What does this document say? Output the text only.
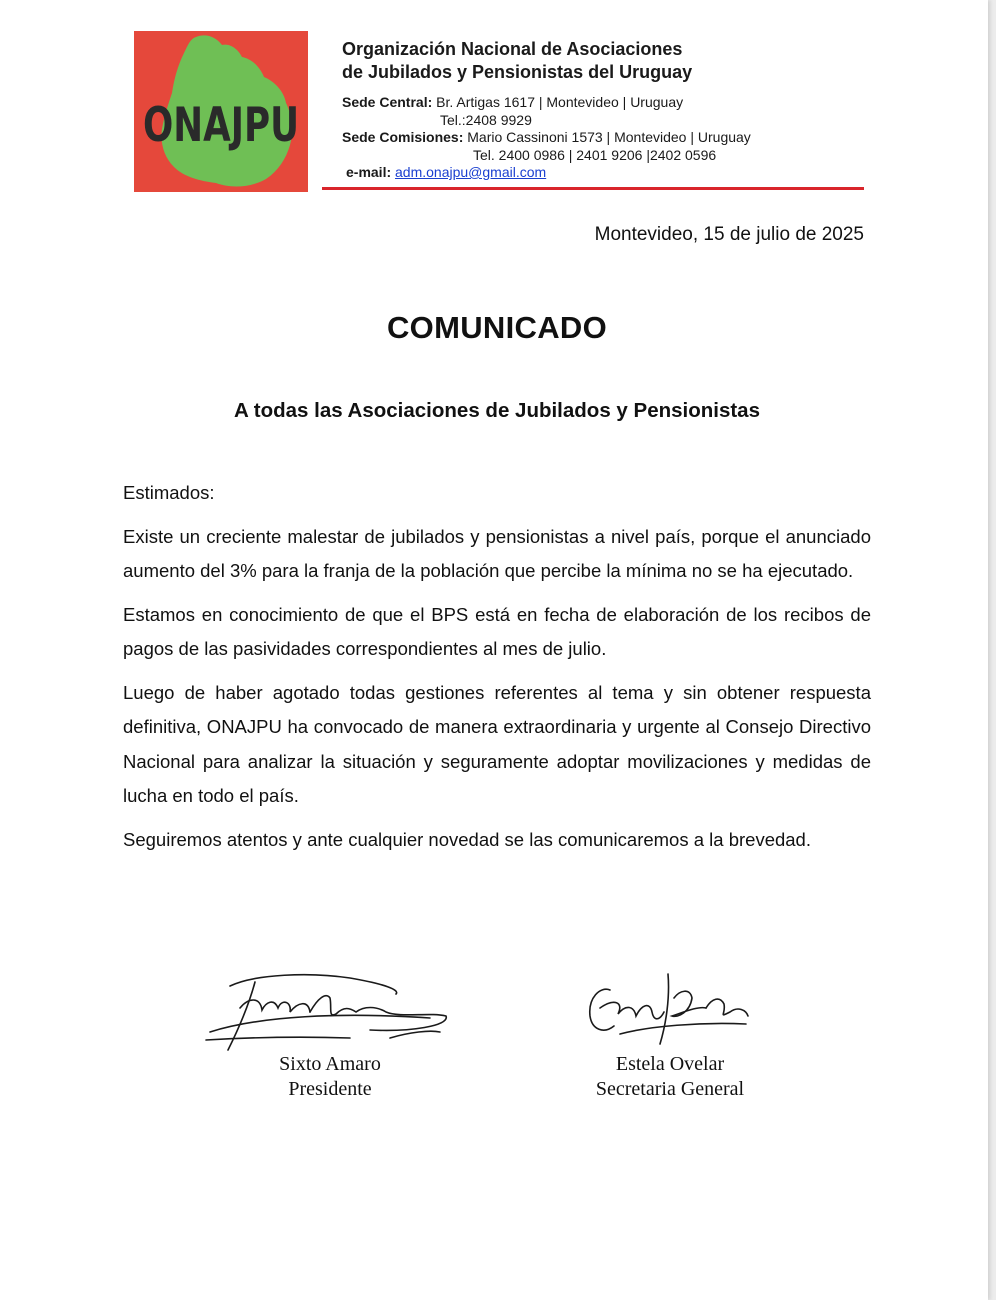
ONAJPU
Organización Nacional de Asociaciones
de Jubilados y Pensionistas del Uruguay
Sede Central: Br. Artigas 1617 | Montevideo | Uruguay
Tel.:2408 9929
Sede Comisiones: Mario Cassinoni 1573 | Montevideo | Uruguay
Tel. 2400 0986 | 2401 9206 |2402 0596
e-mail: adm.onajpu@gmail.com
Montevideo, 15 de julio de 2025
COMUNICADO
A todas las Asociaciones de Jubilados y Pensionistas

Estimados:

Existe un creciente malestar de jubilados y pensionistas a nivel país, porque el anunciado aumento del 3% para la franja de la población que percibe la mínima no se ha ejecutado.

Estamos en conocimiento de que el BPS está en fecha de elaboración de los recibos de pagos de las pasividades correspondientes al mes de julio.

Luego de haber agotado todas gestiones referentes al tema y sin obtener respuesta definitiva, ONAJPU ha convocado de manera extraordinaria y urgente al Consejo Directivo Nacional para analizar la situación y seguramente adoptar movilizaciones y medidas de lucha en todo el país.

Seguiremos atentos y ante cualquier novedad se las comunicaremos a la brevedad.

Sixto Amaro
Presidente
Estela Ovelar
Secretaria General
